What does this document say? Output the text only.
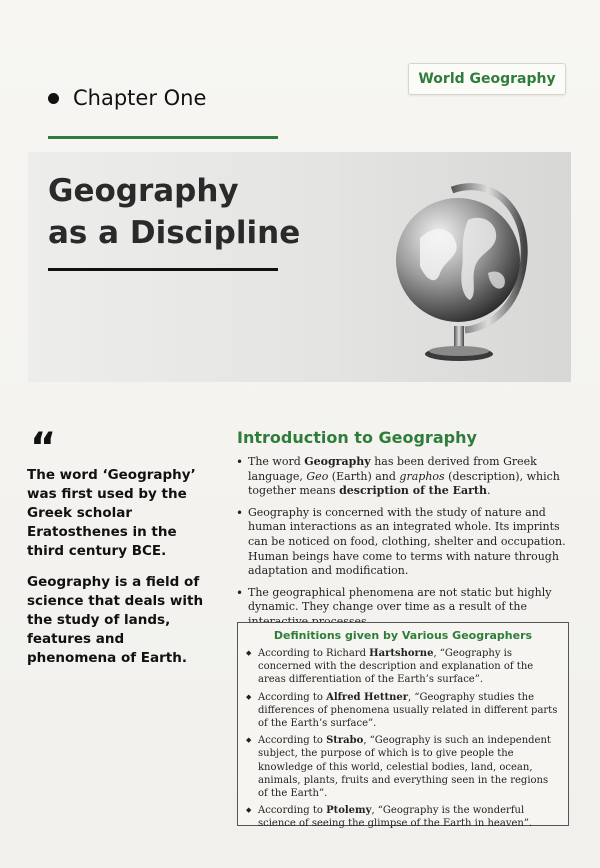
World Geography
Chapter One
Geography
as a Discipline
“

The word ‘Geography’ was first used by the Greek scholar Eratosthenes in the third century BCE.

Geography is a field of science that deals with the study of lands, features and phenomena of Earth.

Introduction to Geography
• The word Geography has been derived from Greek language, Geo (Earth) and graphos (description), which together means description of the Earth.
• Geography is concerned with the study of nature and human interactions as an integrated whole. Its imprints can be noticed on food, clothing, shelter and occupation. Human beings have come to terms with nature through adaptation and modification.
• The geographical phenomena are not static but highly dynamic. They change over time as a result of the
Definitions given by Various Geographers
◆ According to Richard Hartshorne, “Geography is concerned with the description and explanation of the areas differentiation of the Earth’s surface”.
◆ According to Alfred Hettner, “Geography studies the differences of phenomena usually related in different parts of the Earth’s surface”.
◆ According to Strabo, “Geography is such an independent subject, the purpose of which is to give people the knowledge of this world, celestial bodies, land, ocean, animals, plants, fruits and everything seen in the regions of the Earth”.
◆ According to Ptolemy, “Geography is the wonderful science of seeing the glimpse of the Earth in heaven”.
